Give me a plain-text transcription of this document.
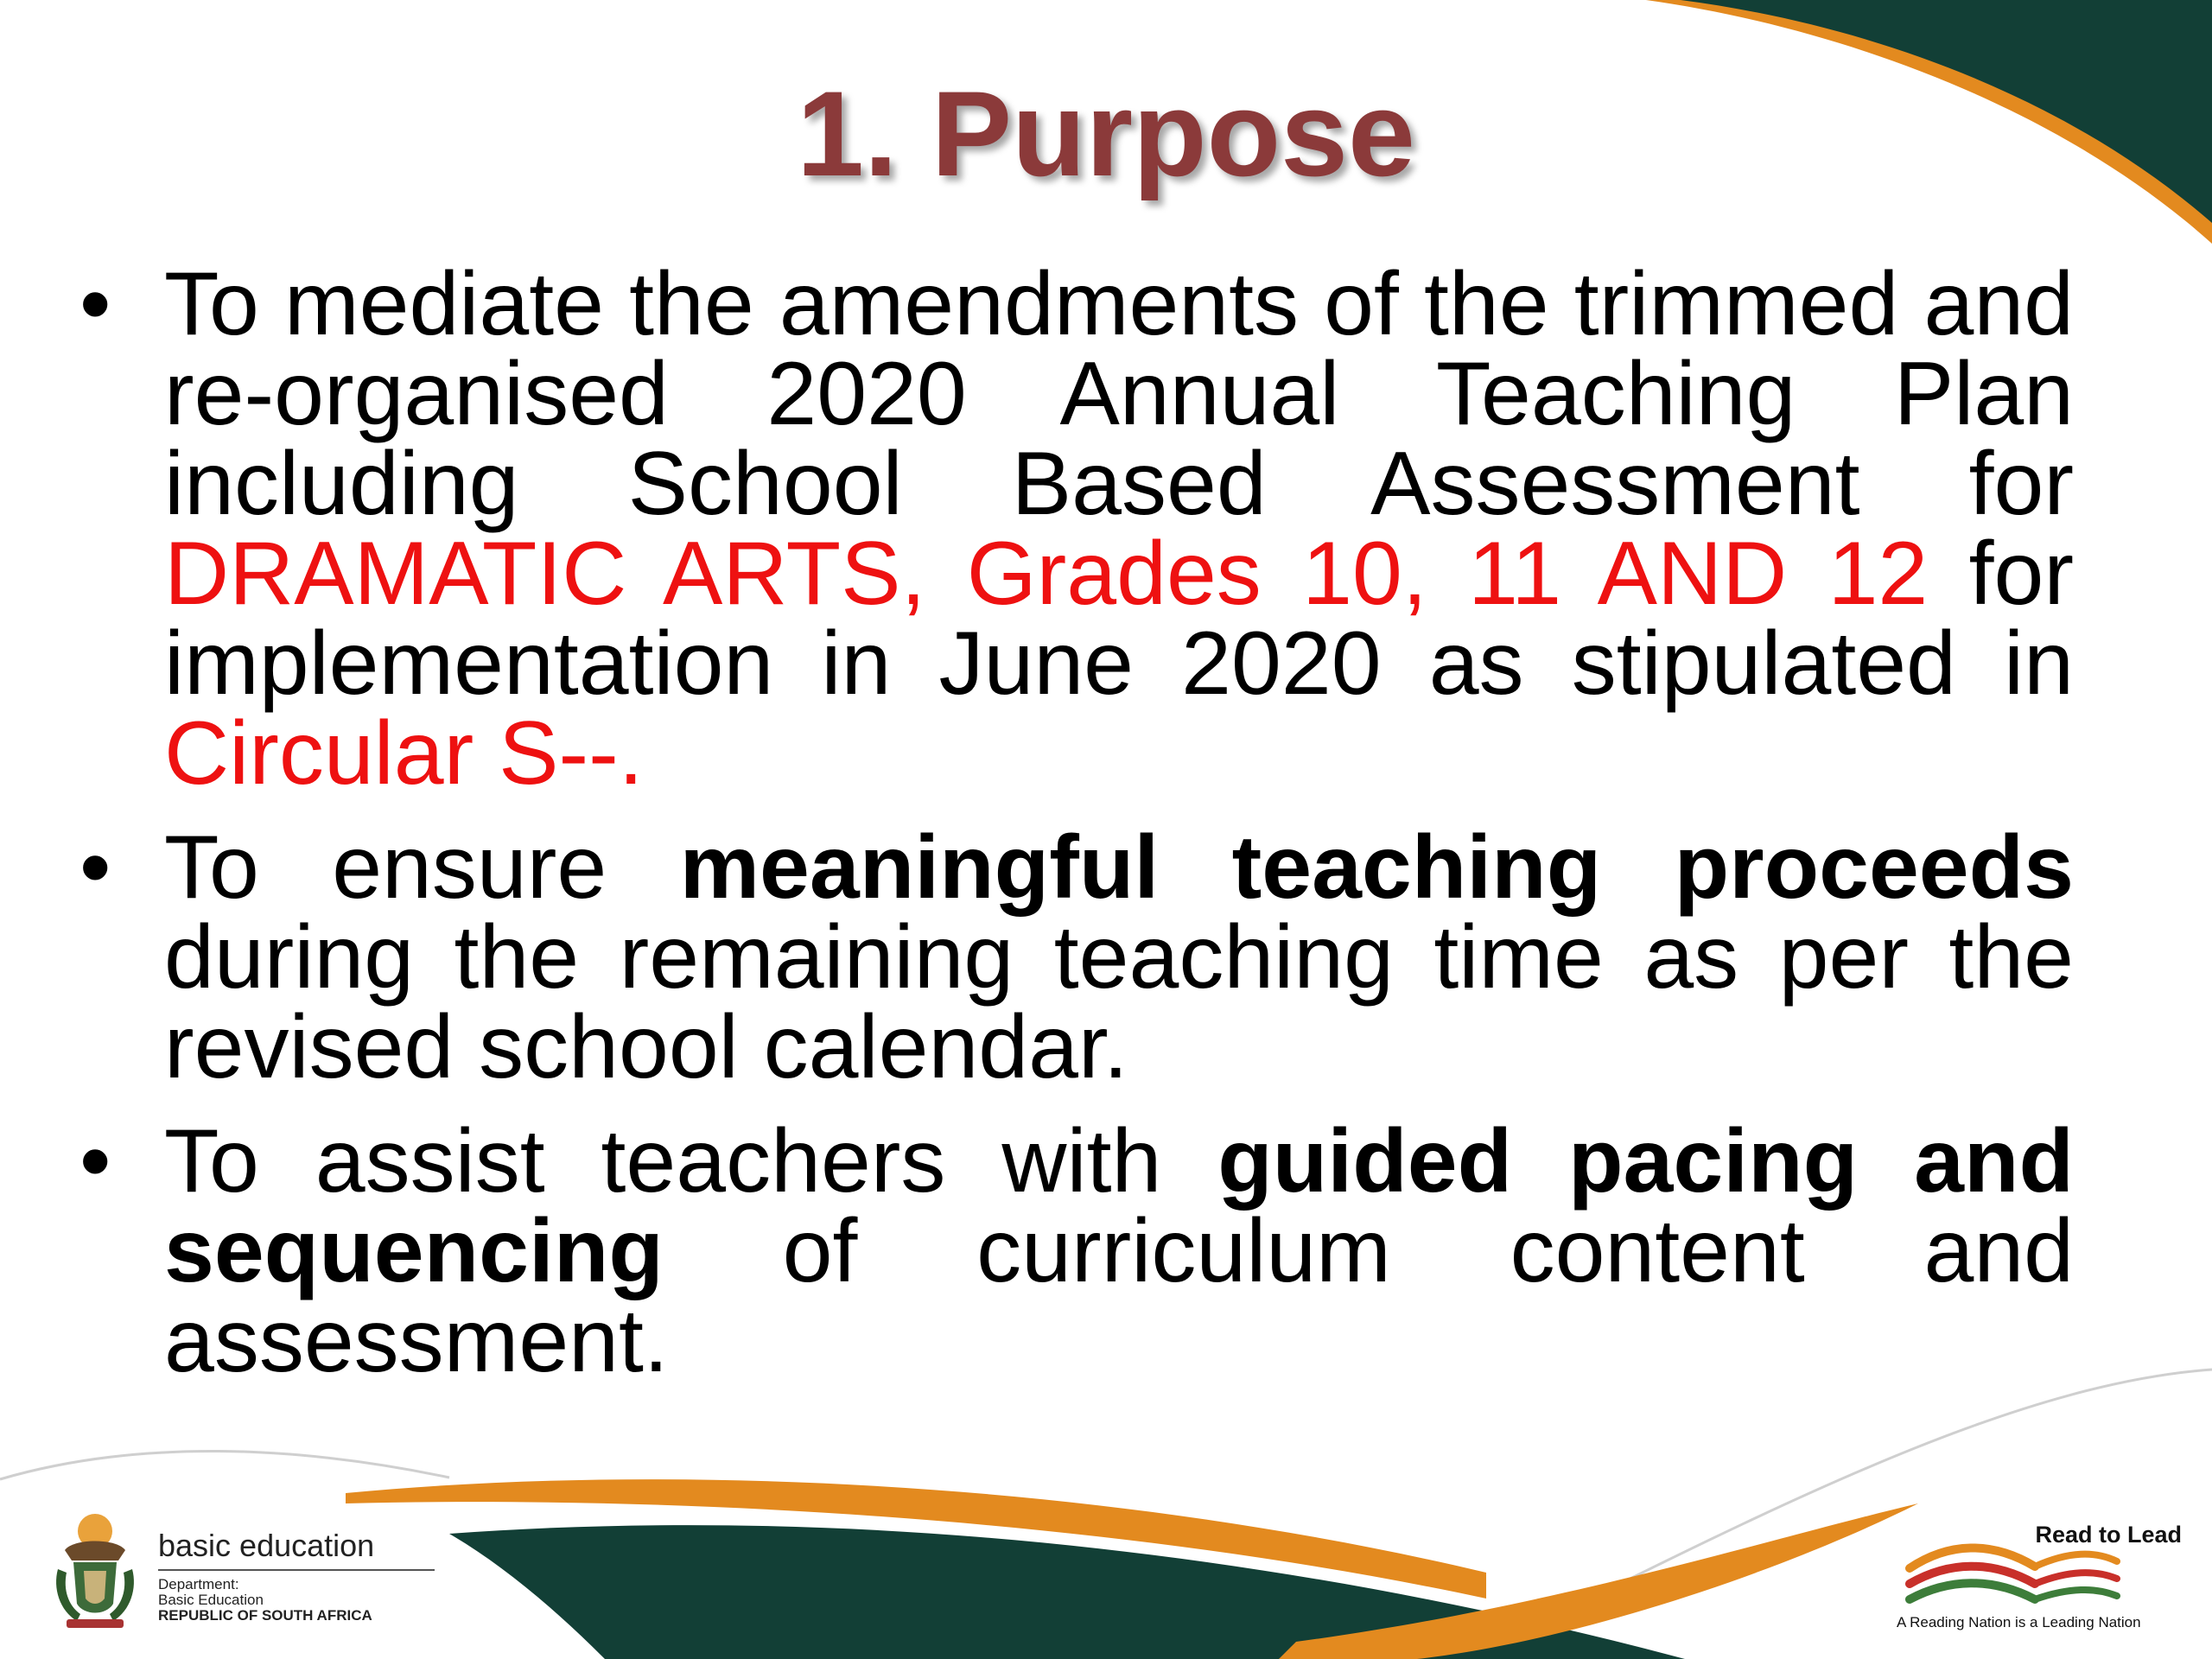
1. Purpose
• To mediate the amendments of the trimmed and re-organised 2020 Annual Teaching Plan including School Based Assessment for DRAMATIC ARTS, Grades 10, 11 AND 12 for implementation in June 2020 as stipulated in Circular S--.
• To ensure meaningful teaching proceeds during the remaining teaching time as per the revised school calendar.
• To assist teachers with guided pacing and sequencing of curriculum content and assessment.
basic education
Department:
Basic Education
REPUBLIC OF SOUTH AFRICA
Read to Lead
A Reading Nation is a Leading Nation
